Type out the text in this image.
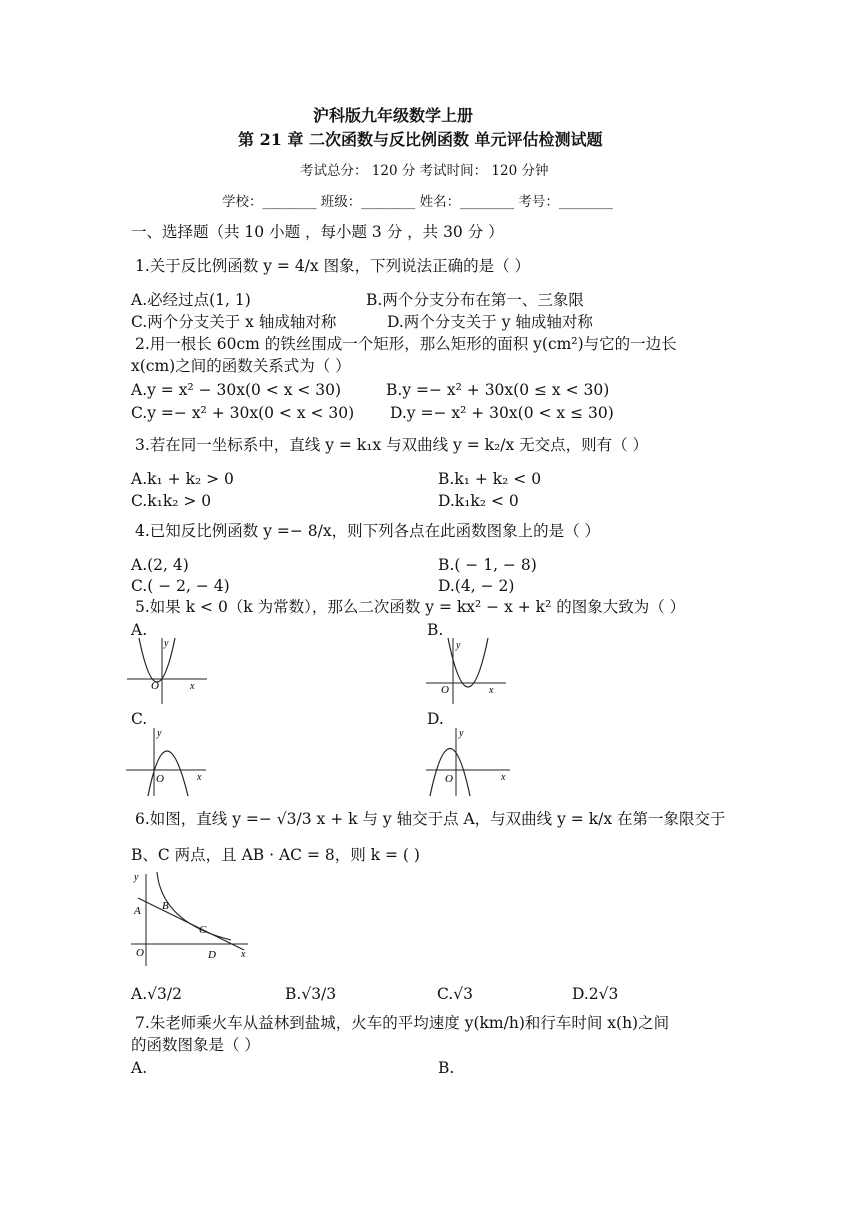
沪科版九年级数学上册
第 21 章 二次函数与反比例函数 单元评估检测试题
考试总分： 120 分 考试时间： 120 分钟
学校：________ 班级：________ 姓名：________ 考号：________
一、选择题（共 10 小题 ，每小题 3 分 ，共 30 分 ）
1.关于反比例函数 y = 4/x 图象，下列说法正确的是（ ）
A.必经过点(1, 1)	B.两个分支分布在第一、三象限
C.两个分支关于 x 轴成轴对称	D.两个分支关于 y 轴成轴对称
2.用一根长 60cm 的铁丝围成一个矩形，那么矩形的面积 y(cm²)与它的一边长
x(cm)之间的函数关系式为（ ）
A.y = x² − 30x(0 < x < 30)	B.y =− x² + 30x(0 ≤ x < 30)
C.y =− x² + 30x(0 < x < 30) D.y =− x² + 30x(0 < x ≤ 30)
3.若在同一坐标系中，直线 y = k₁x 与双曲线 y = k₂/x 无交点，则有（ ）
A.k₁ + k₂ > 0	B.k₁ + k₂ < 0
C.k₁k₂ > 0	D.k₁k₂ < 0
4.已知反比例函数 y =− 8/x，则下列各点在此函数图象上的是（ ）
A.(2, 4)	B.( − 1, − 8)
C.( − 2, − 4)	D.(4, − 2)
5.如果 k < 0（k 为常数），那么二次函数 y = kx² − x + k² 的图象大致为（ ）
A.	B.
y
x
O
y
x
O
C.	D.
y
x
O
y
x
O
6.如图，直线 y =− √3/3 x + k 与 y 轴交于点 A，与双曲线 y = k/x 在第一象限交于
B、C 两点，且 AB · AC = 8，则 k = ( )
y
x
O
A B
C
D
A.√3/2	B.√3/3	C.√3	D.2√3
7.朱老师乘火车从益林到盐城，火车的平均速度 y(km/h)和行车时间 x(h)之间
的函数图象是（ ）
A.	B.
